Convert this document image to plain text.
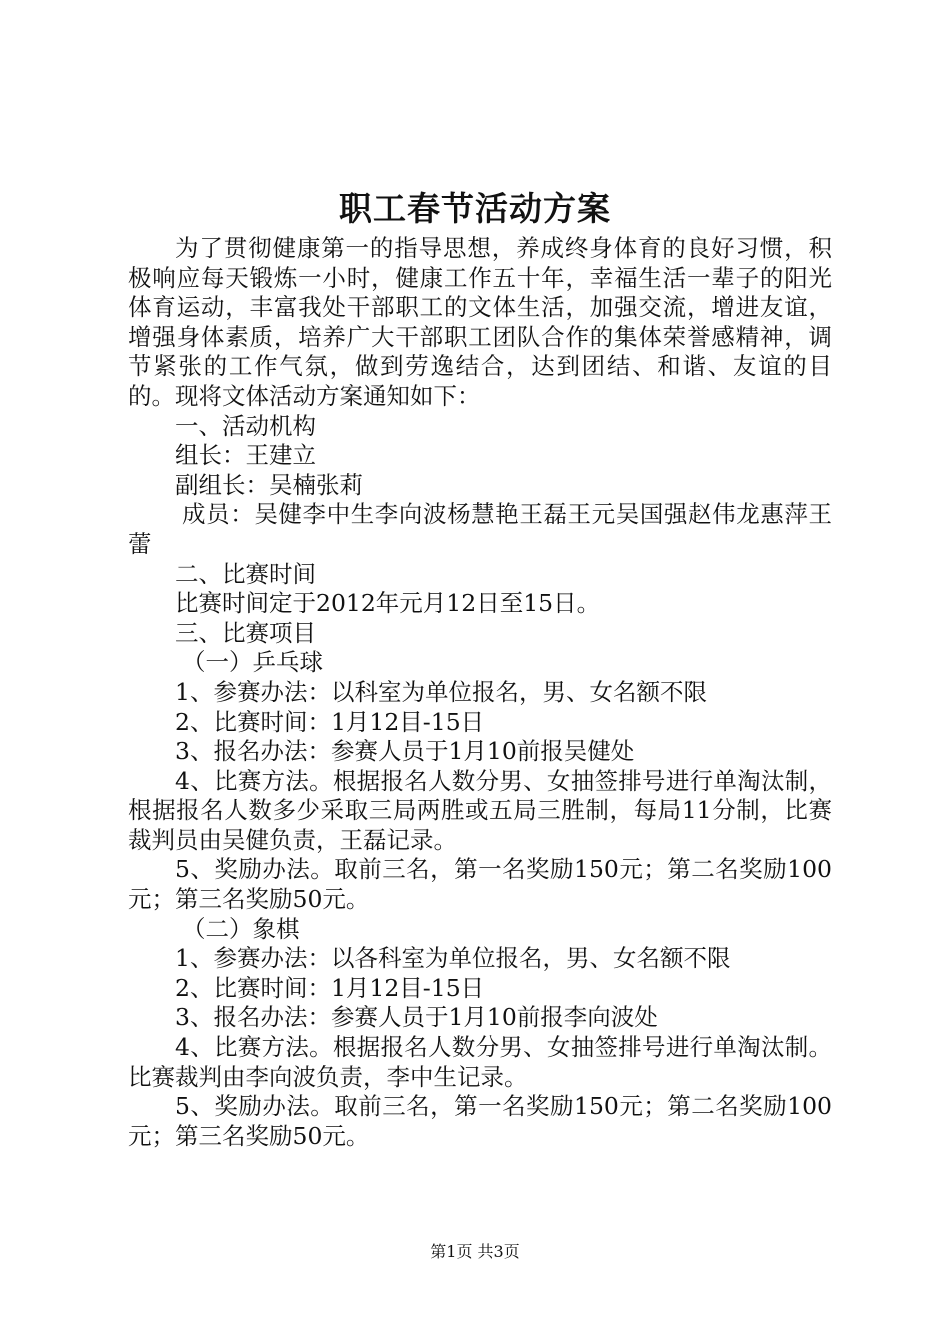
职工春节活动方案

为了贯彻健康第一的指导思想，养成终身体育的良好习惯，积极响应每天锻炼一小时，健康工作五十年，幸福生活一辈子的阳光体育运动，丰富我处干部职工的文体生活，加强交流，增进友谊，增强身体素质，培养广大干部职工团队合作的集体荣誉感精神，调节紧张的工作气氛，做到劳逸结合，达到团结、和谐、友谊的目的。现将文体活动方案通知如下：

一、活动机构

组长：王建立

副组长：吴楠张莉

成员：吴健李中生李向波杨慧艳王磊王元吴国强赵伟龙惠萍王蕾

二、比赛时间

比赛时间定于2012年元月12日至15日。

三、比赛项目

（一）乒乓球

1、参赛办法：以科室为单位报名，男、女名额不限

2、比赛时间：1月12目-15日

3、报名办法：参赛人员于1月10前报吴健处

4、比赛方法。根据报名人数分男、女抽签排号进行单淘汰制，根据报名人数多少采取三局两胜或五局三胜制，每局11分制，比赛裁判员由吴健负责，王磊记录。

5、奖励办法。取前三名，第一名奖励150元；第二名奖励100元；第三名奖励50元。

（二）象棋

1、参赛办法：以各科室为单位报名，男、女名额不限

2、比赛时间：1月12目-15日

3、报名办法：参赛人员于1月10前报李向波处

4、比赛方法。根据报名人数分男、女抽签排号进行单淘汰制。比赛裁判由李向波负责，李中生记录。

5、奖励办法。取前三名，第一名奖励150元；第二名奖励100元；第三名奖励50元。

第1页 共3页
